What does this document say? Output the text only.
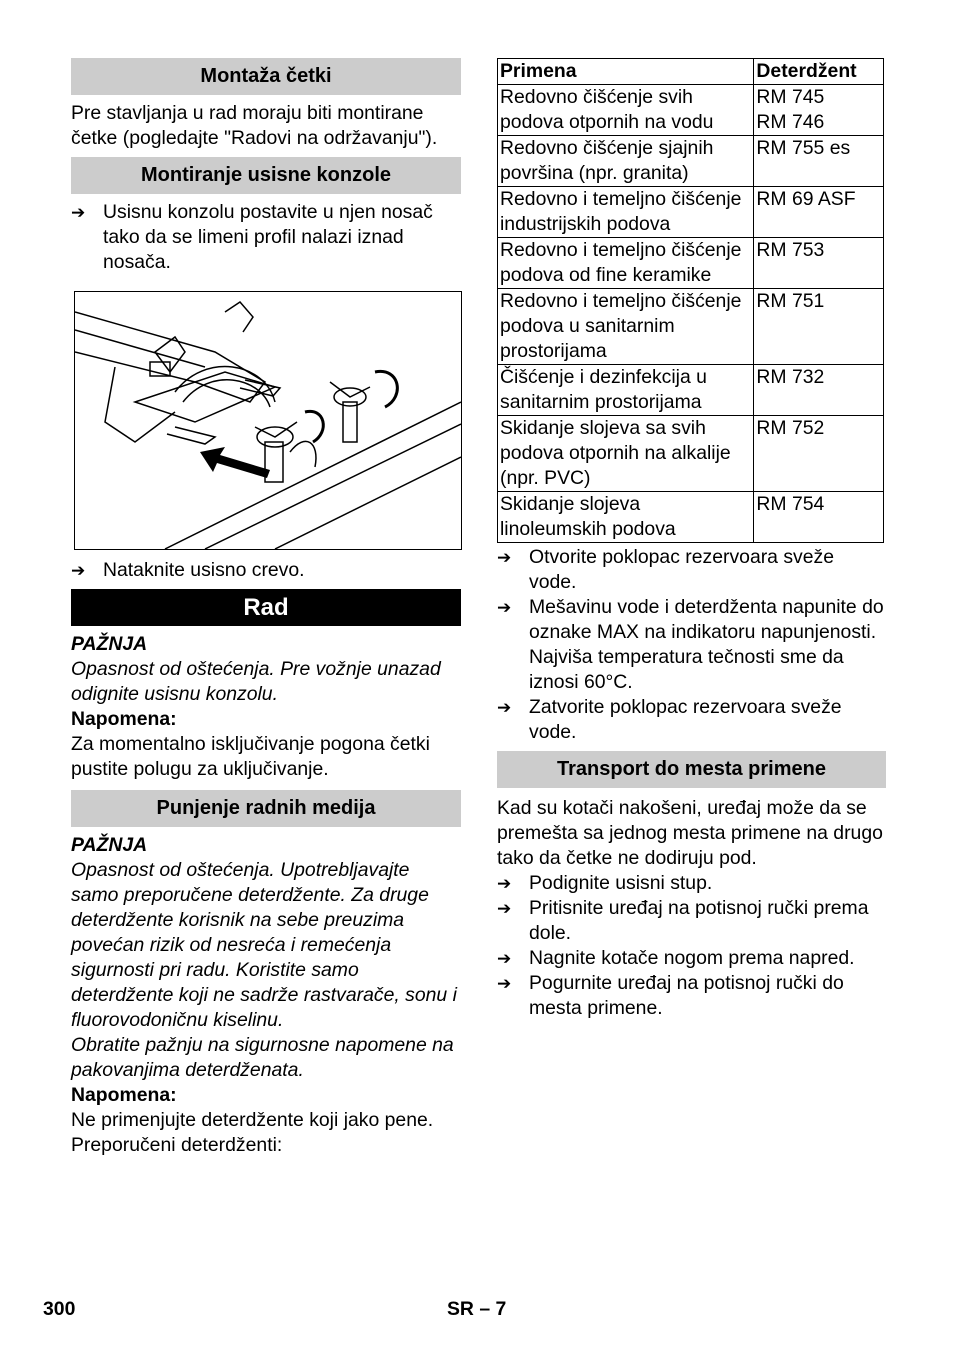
Montaža četki

Pre stavljanja u rad moraju biti montirane četke (pogledajte "Radovi na održavanju").

Montiranje usisne konzole
➔ Usisnu konzolu postavite u njen nosač tako da se limeni profil nalazi iznad nosača.
➔ Nataknite usisno crevo.
Rad

PAŽNJA

Opasnost od oštećenja. Pre vožnje unazad odignite usisnu konzolu.

Napomena:

Za momentalno isključivanje pogona četki pustite polugu za uključivanje.

Punjenje radnih medija

PAŽNJA

Opasnost od oštećenja. Upotrebljavajte samo preporučene deterdžente. Za druge deterdžente korisnik na sebe preuzima povećan rizik od nesreća i remećenja sigurnosti pri radu. Koristite samo deterdžente koji ne sadrže rastvarače, sonu i fluorovodoničnu kiselinu.

Obratite pažnju na sigurnosne napomene na pakovanjima deterdženata.

Napomena:

Ne primenjujte deterdžente koji jako pene.

Preporučeni deterdženti:

Primena	Deterdžent
Redovno čišćenje svih podova otpornih na vodu	RM 745
RM 746
Redovno čišćenje sjajnih površina (npr. granita)	RM 755 es
Redovno i temeljno čišćenje industrijskih podova	RM 69 ASF
Redovno i temeljno čišćenje podova od fine keramike	RM 753
Redovno i temeljno čišćenje podova u sanitarnim prostorijama	RM 751
Čišćenje i dezinfekcija u sanitarnim prostorijama	RM 732
Skidanje slojeva sa svih podova otpornih na alkalije (npr. PVC)	RM 752
Skidanje slojeva linoleumskih podova	RM 754
➔ Otvorite poklopac rezervoara sveže vode.
➔ Mešavinu vode i deterdženta napunite do oznake MAX na indikatoru napunjenosti. Najviša temperatura tečnosti sme da iznosi 60°C.
➔ Zatvorite poklopac rezervoara sveže vode.
Transport do mesta primene

Kad su kotači nakošeni, uređaj može da se premešta sa jednog mesta primene na drugo tako da četke ne dodiruju pod.

➔ Podignite usisni stup.
➔ Pritisnite uređaj na potisnoj ručki prema dole.
➔ Nagnite kotače nogom prema napred.
➔ Pogurnite uređaj na potisnoj ručki do mesta primene.
300	SR – 7
